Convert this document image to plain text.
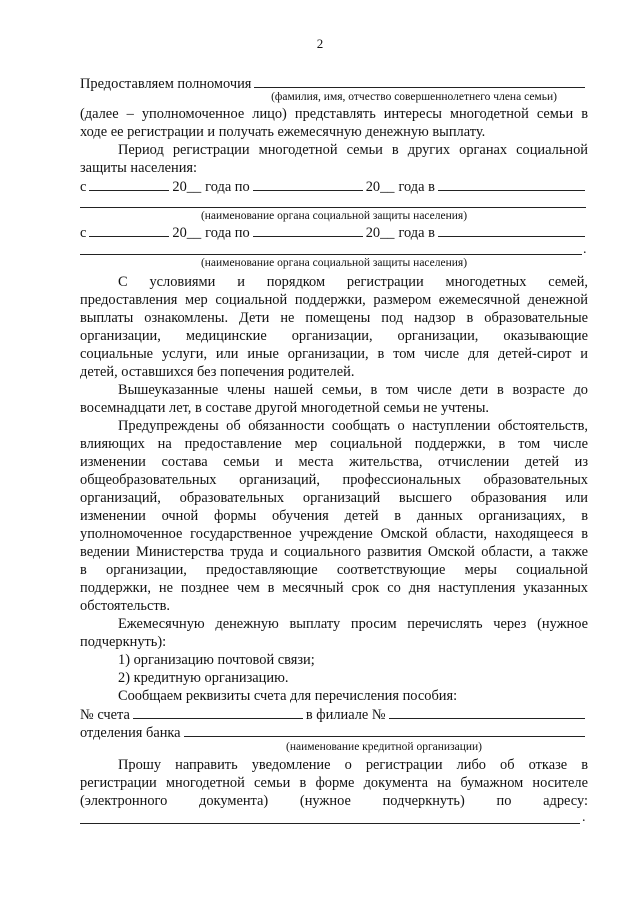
2
Предоставляем полномочия
(фамилия, имя, отчество совершеннолетнего члена семьи)
(далее – уполномоченное лицо) представлять интересы многодетной семьи в
ходе ее регистрации и получать ежемесячную денежную выплату.
Период регистрации многодетной семьи в других органах социальной
защиты населения:
с	20__ года по	20__ года в
(наименование органа социальной защиты населения)
с	20__ года по	20__ года в
.
(наименование органа социальной защиты населения)
С условиями и порядком регистрации многодетных семей,
предоставления мер социальной поддержки, размером ежемесячной денежной
выплаты ознакомлены. Дети не помещены под надзор в образовательные
организации, медицинские организации, организации, оказывающие
социальные услуги, или иные организации, в том числе для детей-сирот и
детей, оставшихся без попечения родителей.
Вышеуказанные члены нашей семьи, в том числе дети в возрасте до
восемнадцати лет, в составе другой многодетной семьи не учтены.
Предупреждены об обязанности сообщать о наступлении обстоятельств,
влияющих на предоставление мер социальной поддержки, в том числе
изменении состава семьи и места жительства, отчислении детей из
общеобразовательных организаций, профессиональных образовательных
организаций, образовательных организаций высшего образования или
изменении очной формы обучения детей в данных организациях, в
уполномоченное государственное учреждение Омской области, находящееся в
ведении Министерства труда и социального развития Омской области, а также
в организации, предоставляющие соответствующие меры социальной
поддержки, не позднее чем в месячный срок со дня наступления указанных
обстоятельств.
Ежемесячную денежную выплату просим перечислять через (нужное
подчеркнуть):
1) организацию почтовой связи;
2) кредитную организацию.
Сообщаем реквизиты счета для перечисления пособия:
№ счета	в филиале №
отделения банка
(наименование кредитной организации)
Прошу направить уведомление о регистрации либо об отказе в
регистрации многодетной семьи в форме документа на бумажном носителе
(электронного документа) (нужное подчеркнуть) по адресу:
.
